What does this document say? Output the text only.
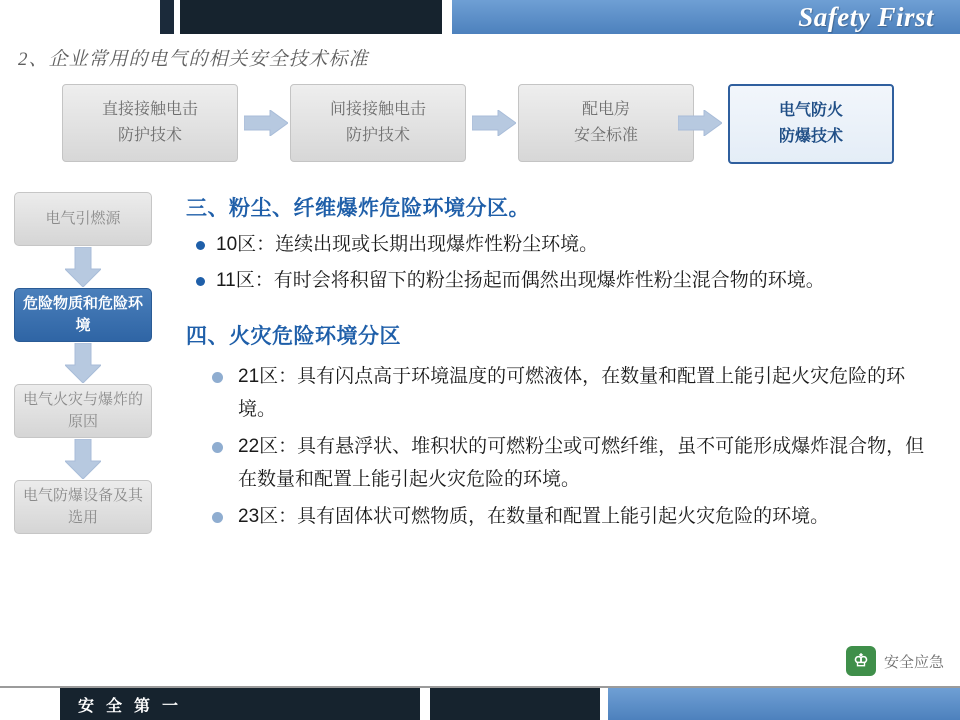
Safety First
2、企业常用的电气的相关安全技术标准
直接接触电击
防护技术
间接接触电击
防护技术
配电房
安全标准
电气防火
防爆技术
电气引燃源
危险物质和危险环境
电气火灾与爆炸的原因
电气防爆设备及其选用
三、粉尘、纤维爆炸危险环境分区。
10区：连续出现或长期出现爆炸性粉尘环境。
11区：有时会将积留下的粉尘扬起而偶然出现爆炸性粉尘混合物的环境。
四、火灾危险环境分区
21区：具有闪点高于环境温度的可燃液体，在数量和配置上能引起火灾危险的环境。
22区：具有悬浮状、堆积状的可燃粉尘或可燃纤维，虽不可能形成爆炸混合物，但在数量和配置上能引起火灾危险的环境。
23区：具有固体状可燃物质，在数量和配置上能引起火灾危险的环境。
♔	安全应急
安 全 第 一
